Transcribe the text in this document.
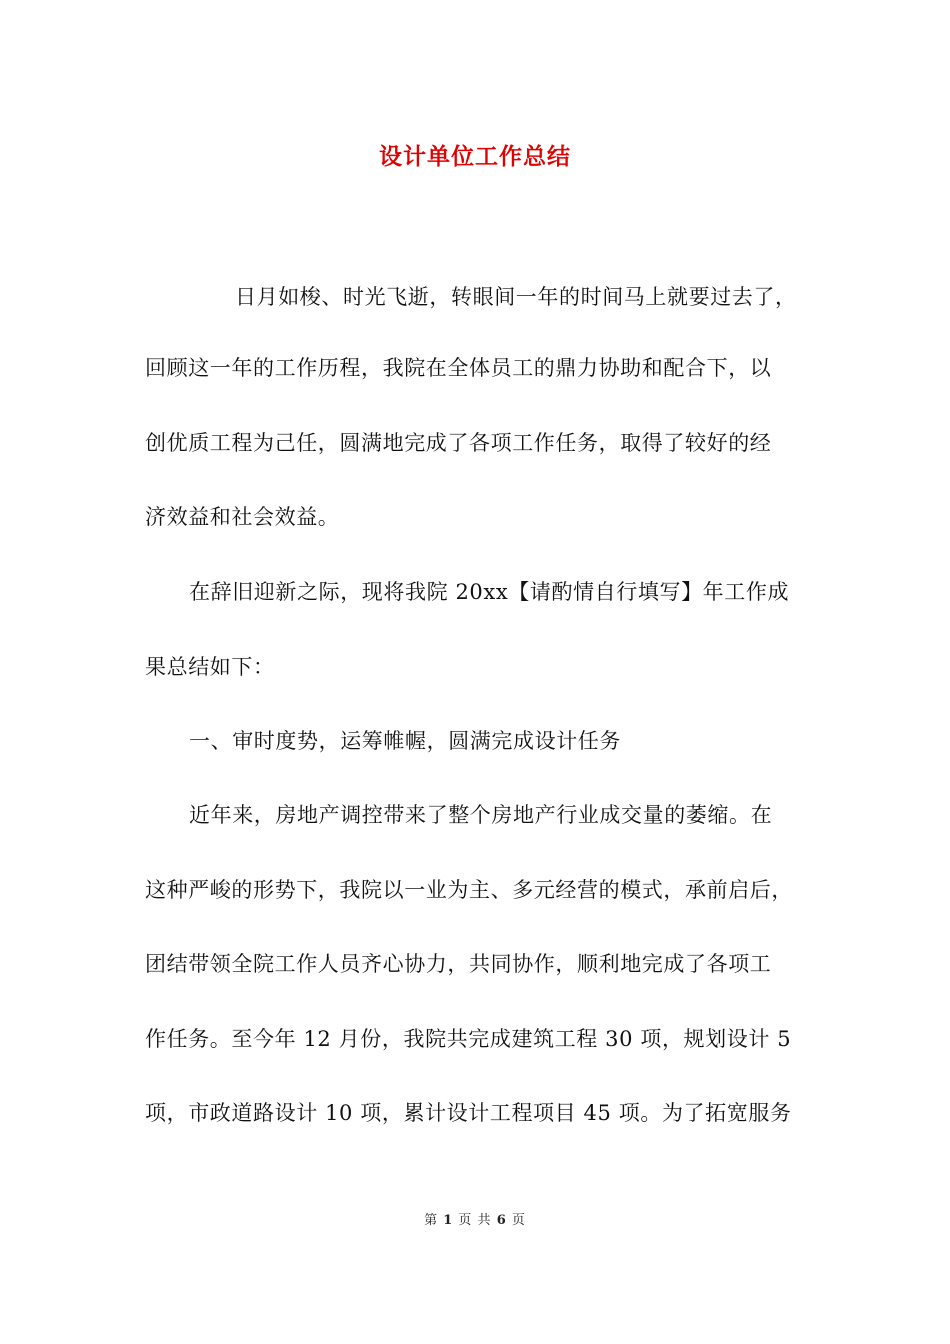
设计单位工作总结
日月如梭、时光飞逝，转眼间一年的时间马上就要过去了，
回顾这一年的工作历程，我院在全体员工的鼎力协助和配合下，以
创优质工程为己任，圆满地完成了各项工作任务，取得了较好的经
济效益和社会效益。
在辞旧迎新之际，现将我院 20xx【请酌情自行填写】年工作成
果总结如下：
一、审时度势，运筹帷幄，圆满完成设计任务
近年来，房地产调控带来了整个房地产行业成交量的萎缩。在
这种严峻的形势下，我院以一业为主、多元经营的模式，承前启后，
团结带领全院工作人员齐心协力，共同协作，顺利地完成了各项工
作任务。至今年 12 月份，我院共完成建筑工程 30 项，规划设计 5
项，市政道路设计 10 项，累计设计工程项目 45 项。为了拓宽服务
第 1 页 共 6 页
